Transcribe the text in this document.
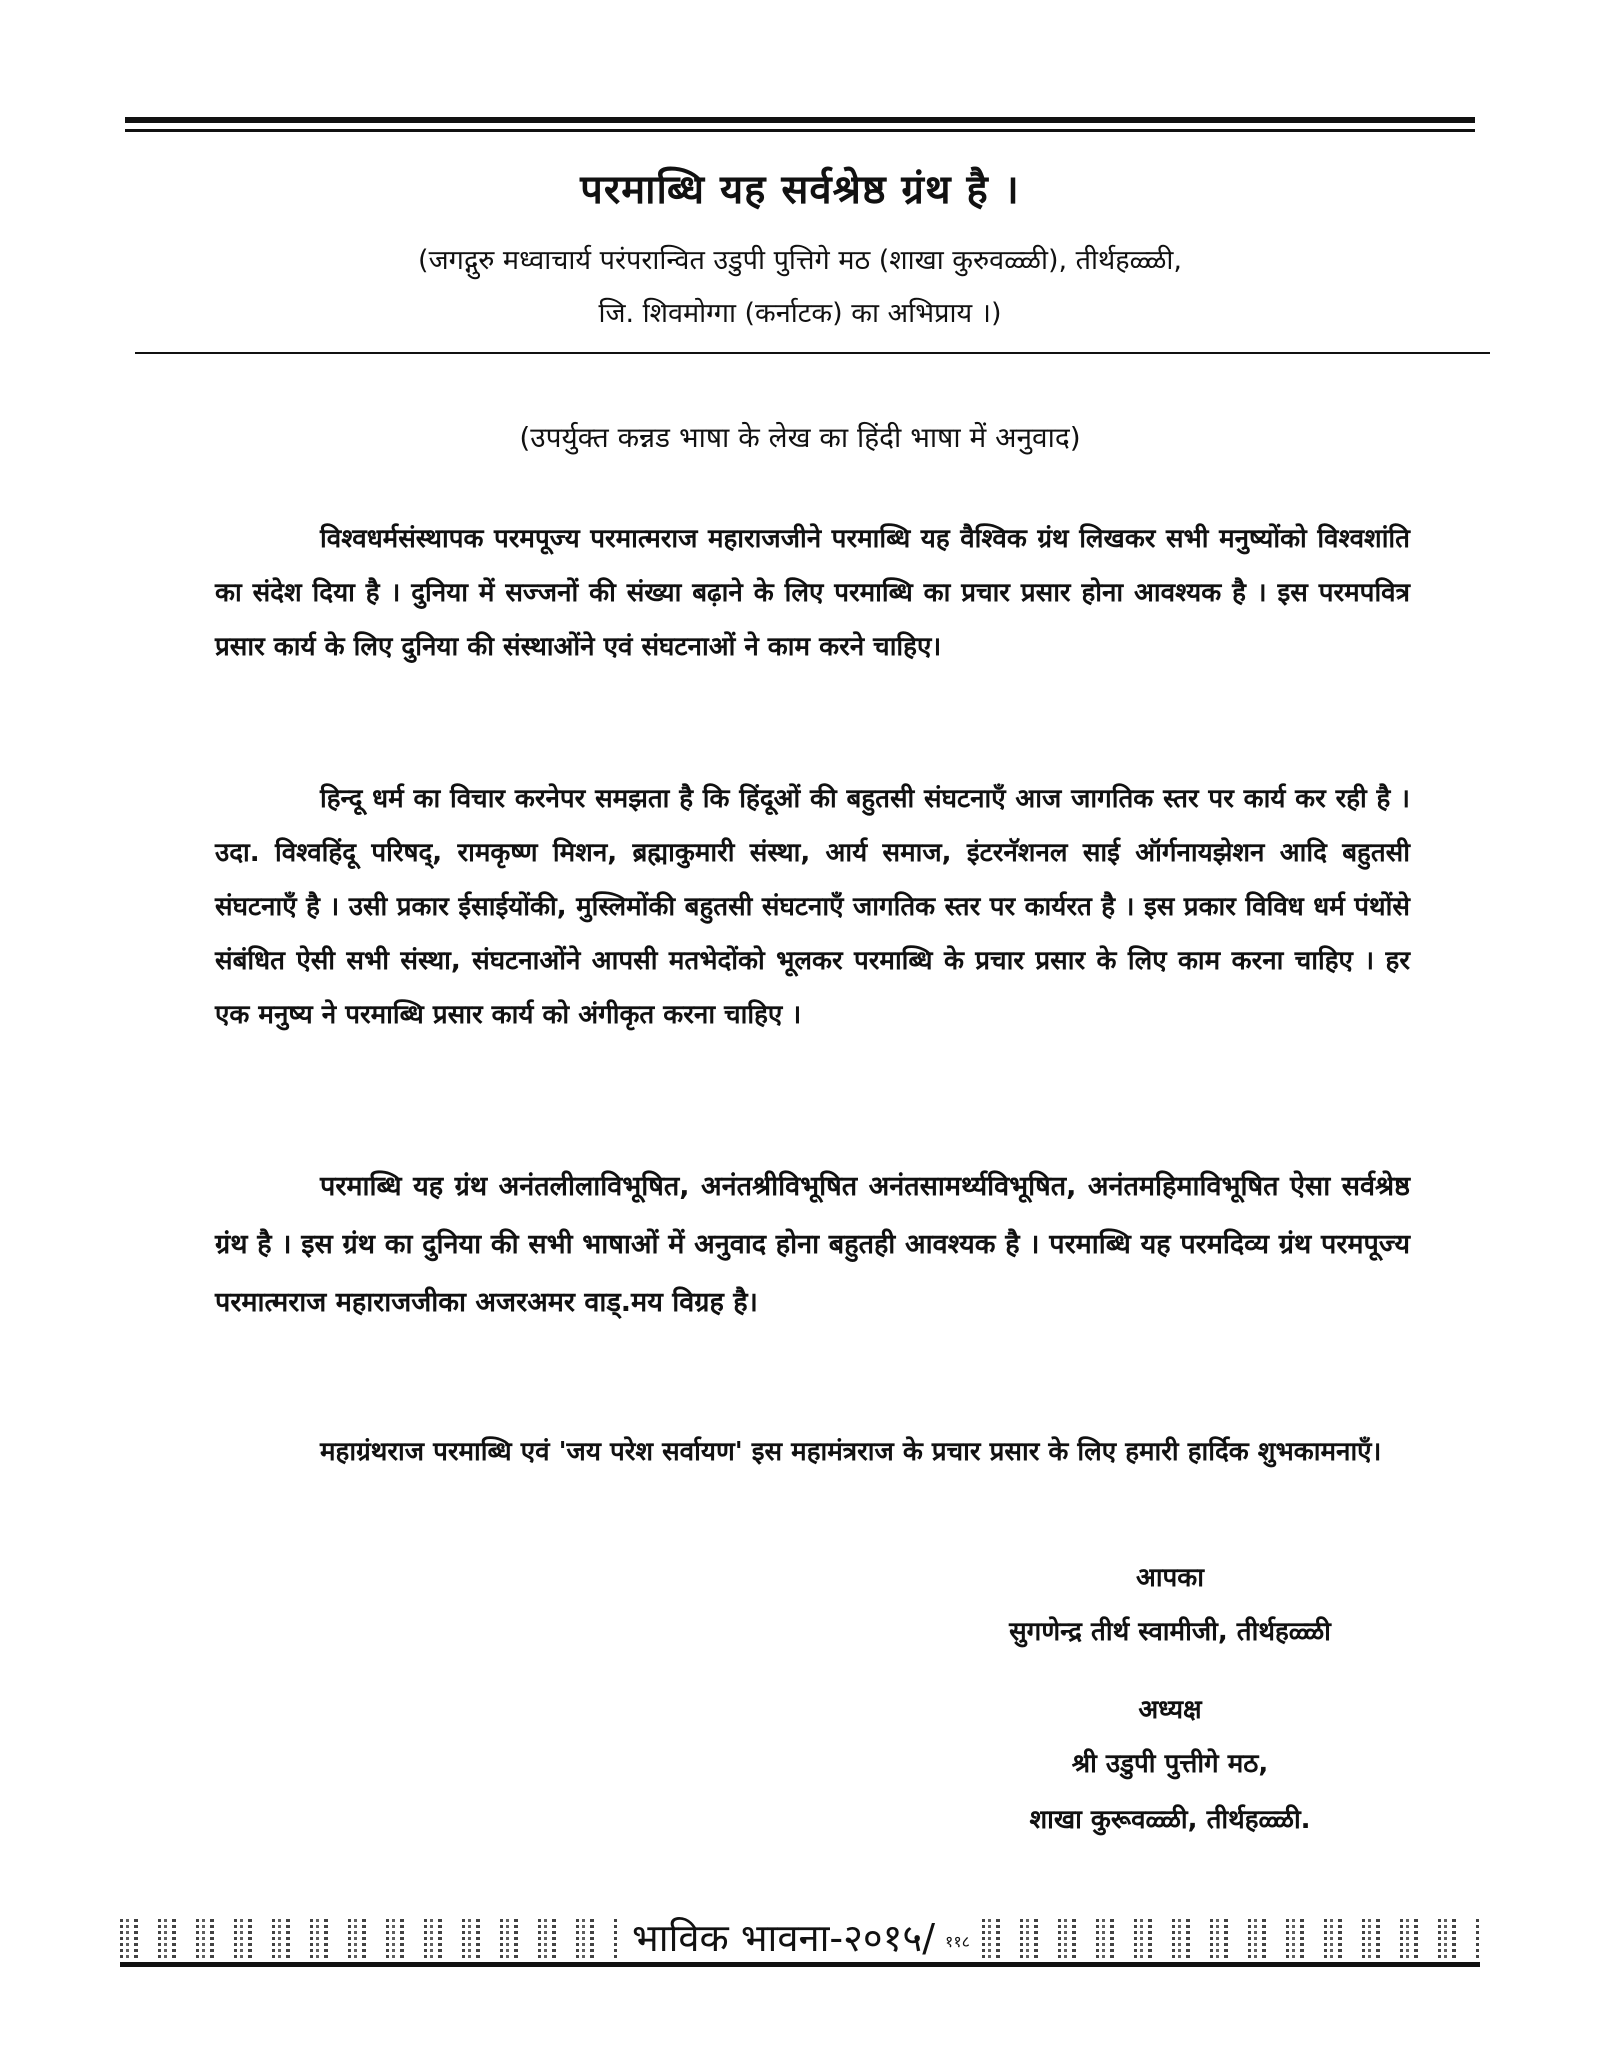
परमाब्धि यह सर्वश्रेष्ठ ग्रंथ है ।
(जगद्गुरु मध्वाचार्य परंपरान्वित उडुपी पुत्तिगे मठ (शाखा कुरुवळ्ळी), तीर्थहळ्ळी,
जि. शिवमोग्गा (कर्नाटक) का अभिप्राय ।)
(उपर्युक्त कन्नड भाषा के लेख का हिंदी भाषा में अनुवाद)
विश्वधर्मसंस्थापक परमपूज्य परमात्मराज महाराजजीने परमाब्धि यह वैश्विक ग्रंथ लिखकर सभी मनुष्योंको विश्वशांति का संदेश दिया है । दुनिया में सज्जनों की संख्या बढ़ाने के लिए परमाब्धि का प्रचार प्रसार होना आवश्यक है । इस परमपवित्र प्रसार कार्य के लिए दुनिया की संस्थाओंने एवं संघटनाओं ने काम करने चाहिए।
हिन्दू धर्म का विचार करनेपर समझता है कि हिंदूओं की बहुतसी संघटनाएँ आज जागतिक स्तर पर कार्य कर रही है । उदा. विश्वहिंदू परिषद्, रामकृष्ण मिशन, ब्रह्माकुमारी संस्था, आर्य समाज, इंटरनॅशनल साई ऑर्गनायझेशन आदि बहुतसी संघटनाएँ है । उसी प्रकार ईसाईयोंकी, मुस्लिमोंकी बहुतसी संघटनाएँ जागतिक स्तर पर कार्यरत है । इस प्रकार विविध धर्म पंथोंसे संबंधित ऐसी सभी संस्था, संघटनाओंने आपसी मतभेदोंको भूलकर परमाब्धि के प्रचार प्रसार के लिए काम करना चाहिए । हर एक मनुष्य ने परमाब्धि प्रसार कार्य को अंगीकृत करना चाहिए ।
परमाब्धि यह ग्रंथ अनंतलीलाविभूषित, अनंतश्रीविभूषित अनंतसामर्थ्यविभूषित, अनंतमहिमाविभूषित ऐसा सर्वश्रेष्ठ ग्रंथ है । इस ग्रंथ का दुनिया की सभी भाषाओं में अनुवाद होना बहुतही आवश्यक है । परमाब्धि यह परमदिव्य ग्रंथ परमपूज्य परमात्मराज महाराजजीका अजरअमर वाड्.मय विग्रह है।
महाग्रंथराज परमाब्धि एवं 'जय परेश सर्वायण' इस महामंत्रराज के प्रचार प्रसार के लिए हमारी हार्दिक शुभकामनाएँ।
आपका
सुगणेन्द्र तीर्थ स्वामीजी, तीर्थहळ्ळी
अध्यक्ष
श्री उडुपी पुत्तीगे मठ,
शाखा कुरूवळ्ळी, तीर्थहळ्ळी.
भाविक भावना-२०१५/ ११८
